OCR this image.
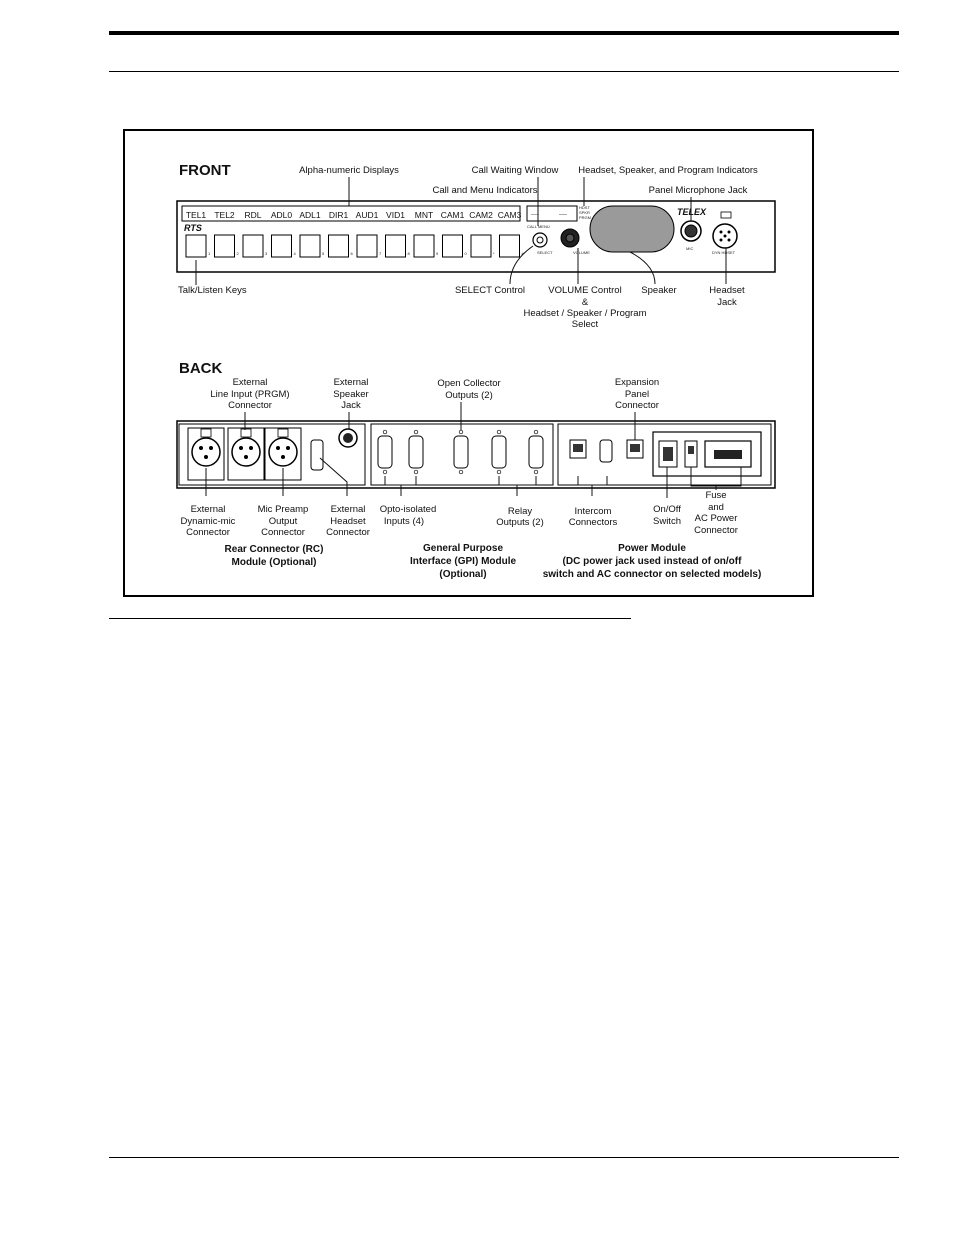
FRONT
TEL1 TEL2 RDL ADL0 ADL1 DIR1 AUD1 VID1 MNT CAM1 CAM2 CAM3
1	2	3	4	5	6	7	8	9	0	*	#
RTS
----	----
HDST
SPKR
PRGM
CALL MENU
SELECT	VOLUME
TELEX
MIC
DYN HDSET
Alpha-numeric Displays	Call Waiting Window Headset, Speaker, and Program Indicators
Call and Menu Indicators	Panel Microphone Jack
Talk/Listen Keys	SELECT Control VOLUME Control
&
Headset / Speaker / Program
Select
Speaker	Headset
Jack
BACK
External
Line Input (PRGM)
Connector
External
Speaker
Jack
Open Collector
Outputs (2)
Expansion
Panel
Connector
External
Dynamic-mic
Connector
Mic Preamp
Output
Connector
External
Headset
Connector
Opto-isolated
Inputs (4)
Relay
Outputs (2)
Intercom
Connectors
On/Off
Switch
Fuse
and
AC Power
Connector
Rear Connector (RC)
Module (Optional)
General Purpose
Interface (GPI) Module
(Optional)
Power Module
(DC power jack used instead of on/off
switch and AC connector on selected models)
